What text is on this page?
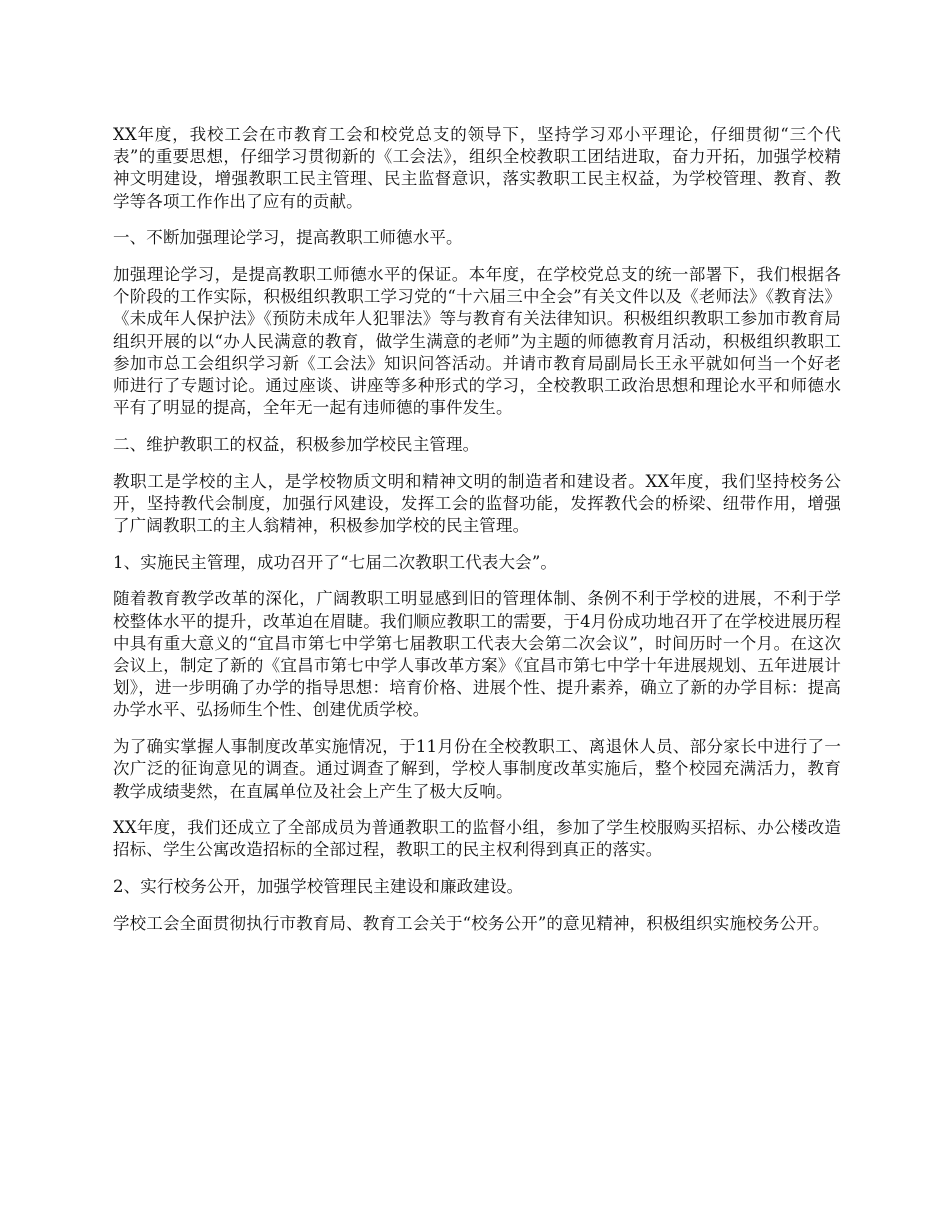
XX年度，我校工会在市教育工会和校党总支的领导下，坚持学习邓小平理论，仔细贯彻“三个代表”的重要思想，仔细学习贯彻新的《工会法》，组织全校教职工团结进取，奋力开拓，加强学校精神文明建设，增强教职工民主管理、民主监督意识，落实教职工民主权益，为学校管理、教育、教学等各项工作作出了应有的贡献。

一、不断加强理论学习，提高教职工师德水平。

加强理论学习，是提高教职工师德水平的保证。本年度，在学校党总支的统一部署下，我们根据各个阶段的工作实际，积极组织教职工学习党的“十六届三中全会”有关文件以及《老师法》《教育法》《未成年人保护法》《预防未成年人犯罪法》等与教育有关法律知识。积极组织教职工参加市教育局组织开展的以“办人民满意的教育，做学生满意的老师”为主题的师德教育月活动，积极组织教职工参加市总工会组织学习新《工会法》知识问答活动。并请市教育局副局长王永平就如何当一个好老师进行了专题讨论。通过座谈、讲座等多种形式的学习，全校教职工政治思想和理论水平和师德水平有了明显的提高，全年无一起有违师德的事件发生。

二、维护教职工的权益，积极参加学校民主管理。

教职工是学校的主人，是学校物质文明和精神文明的制造者和建设者。XX年度，我们坚持校务公开，坚持教代会制度，加强行风建设，发挥工会的监督功能，发挥教代会的桥梁、纽带作用，增强了广阔教职工的主人翁精神，积极参加学校的民主管理。

1、实施民主管理，成功召开了“七届二次教职工代表大会”。

随着教育教学改革的深化，广阔教职工明显感到旧的管理体制、条例不利于学校的进展，不利于学校整体水平的提升，改革迫在眉睫。我们顺应教职工的需要，于4月份成功地召开了在学校进展历程中具有重大意义的“宜昌市第七中学第七届教职工代表大会第二次会议”，时间历时一个月。在这次会议上，制定了新的《宜昌市第七中学人事改革方案》《宜昌市第七中学十年进展规划、五年进展计划》，进一步明确了办学的指导思想：培育价格、进展个性、提升素养，确立了新的办学目标：提高办学水平、弘扬师生个性、创建优质学校。

为了确实掌握人事制度改革实施情况，于11月份在全校教职工、离退休人员、部分家长中进行了一次广泛的征询意见的调查。通过调查了解到，学校人事制度改革实施后，整个校园充满活力，教育教学成绩斐然，在直属单位及社会上产生了极大反响。

XX年度，我们还成立了全部成员为普通教职工的监督小组，参加了学生校服购买招标、办公楼改造招标、学生公寓改造招标的全部过程，教职工的民主权利得到真正的落实。

2、实行校务公开，加强学校管理民主建设和廉政建设。

学校工会全面贯彻执行市教育局、教育工会关于“校务公开”的意见精神，积极组织实施校务公开。
